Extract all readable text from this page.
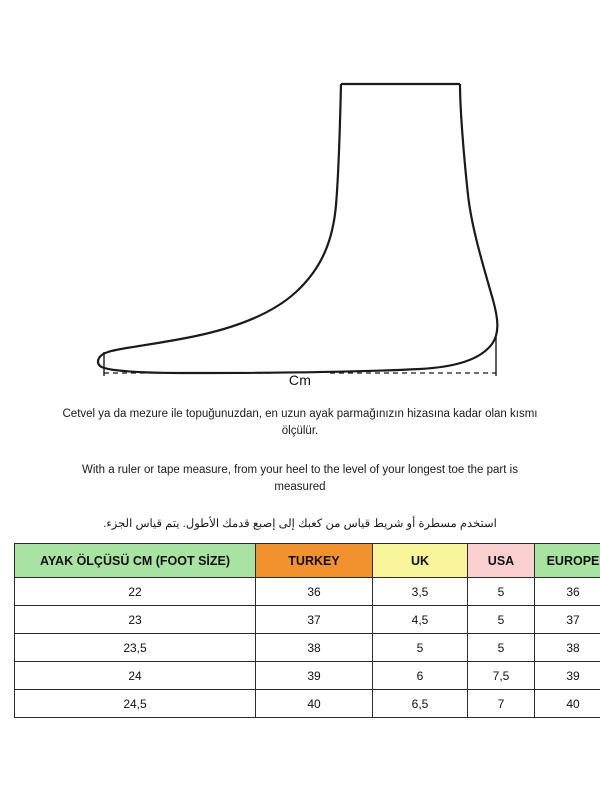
Cm

Cetvel ya da mezure ile topuğunuzdan, en uzun ayak parmağınızın hizasına kadar olan kısmı ölçülür.

With a ruler or tape measure, from your heel to the level of your longest toe the part is measured

استخدم مسطرة أو شريط قياس من كعبك إلى إصبع قدمك الأطول. يتم قياس الجزء.

AYAK ÖLÇÜSÜ CM (FOOT SİZE)	TURKEY	UK	USA	EUROPE
22	36	3,5	5	36
23	37	4,5	5	37
23,5	38	5	5	38
24	39	6	7,5	39
24,5	40	6,5	7	40
